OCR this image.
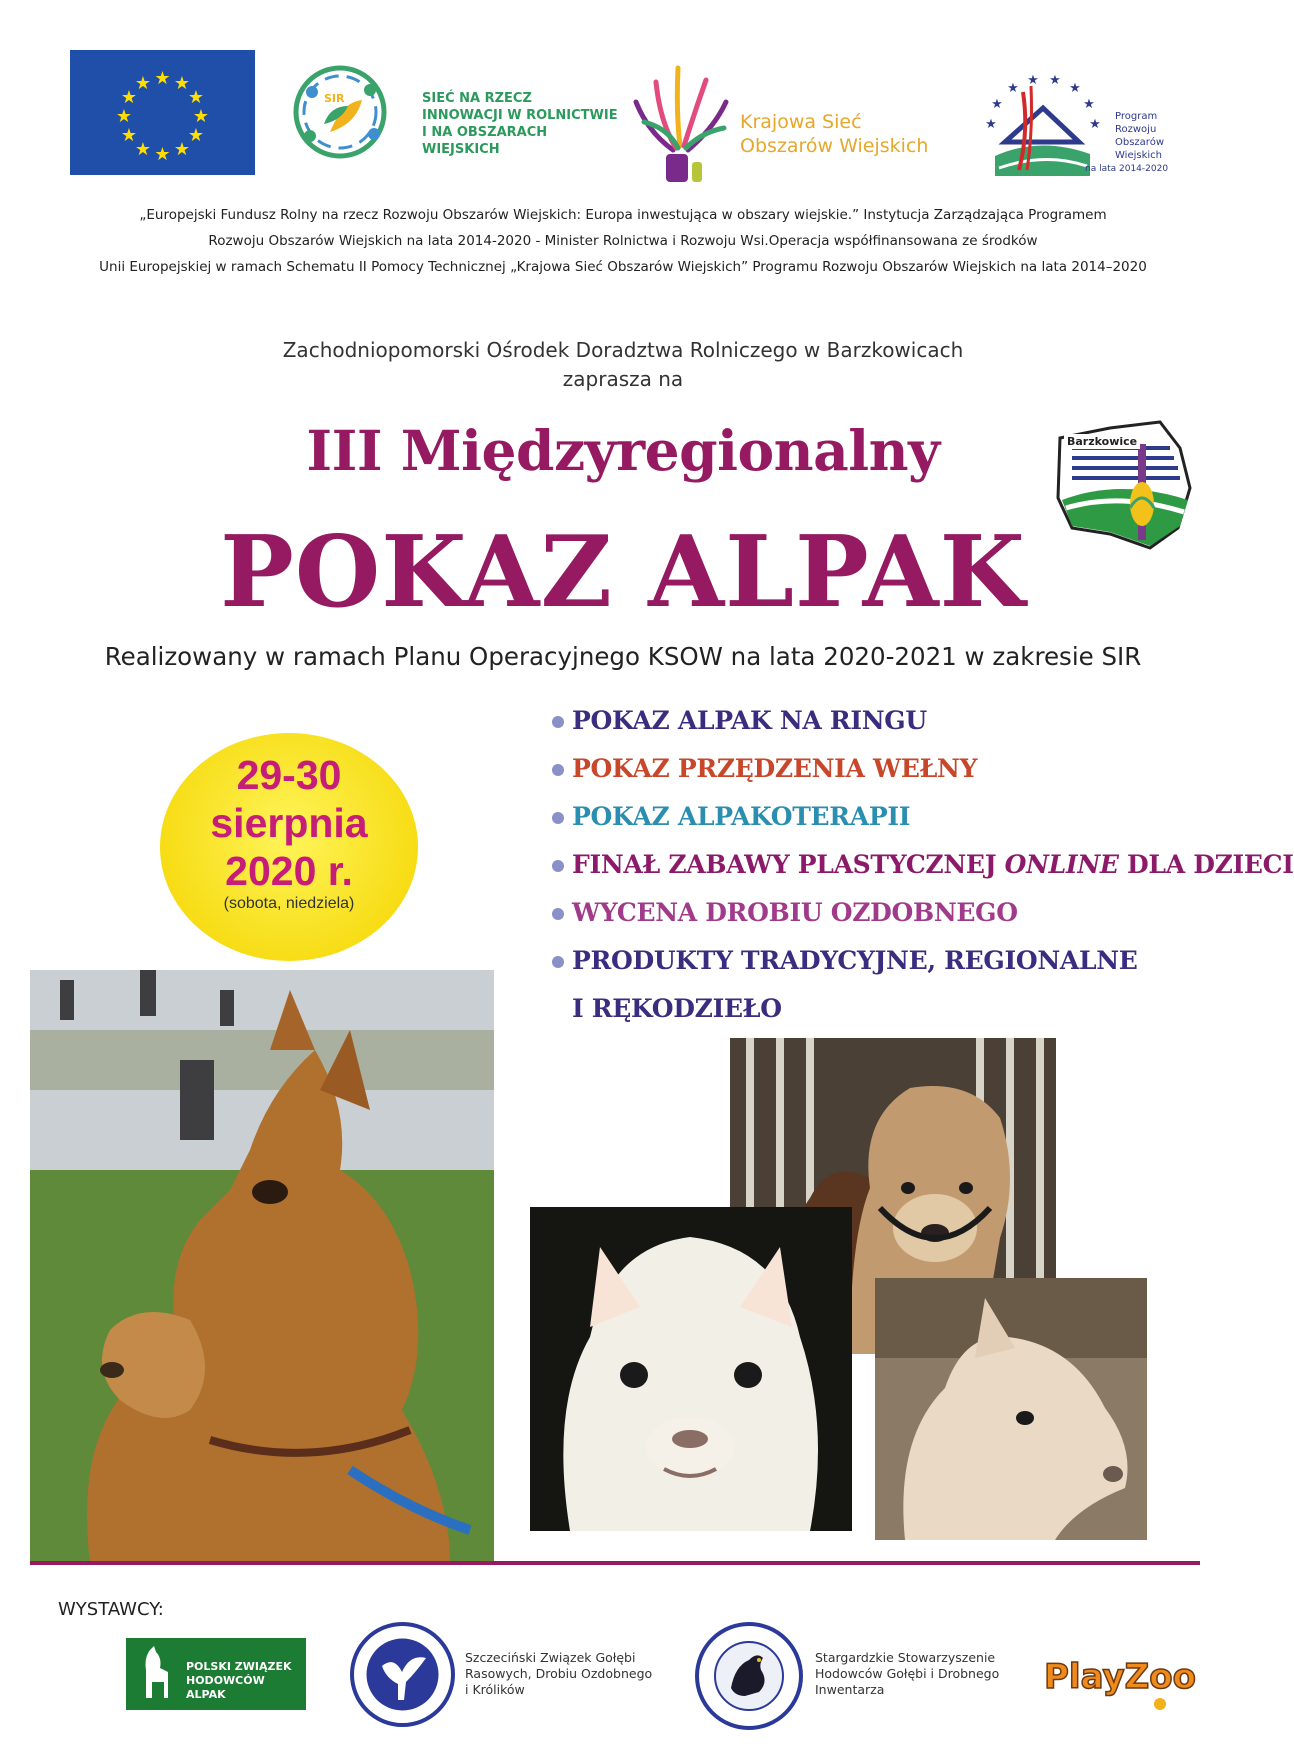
★ ★
★
★
★
★
★
★
★
★
★
★
SIR	SIEĆ NA RZECZ
INNOWACJI W ROLNICTWIE
I NA OBSZARACH WIEJSKICH
Krajowa Sieć
Obszarów Wiejskich
★
★
★
★ ★
★
★
★
Program
Rozwoju
Obszarów
Wiejskich
na lata 2014-2020
„Europejski Fundusz Rolny na rzecz Rozwoju Obszarów Wiejskich: Europa inwestująca w obszary wiejskie.” Instytucja Zarządzająca Programem
Rozwoju Obszarów Wiejskich na lata 2014-2020 - Minister Rolnictwa i Rozwoju Wsi.Operacja współfinansowana ze środków
Unii Europejskiej w ramach Schematu II Pomocy Technicznej „Krajowa Sieć Obszarów Wiejskich” Programu Rozwoju Obszarów Wiejskich na lata 2014–2020
Zachodniopomorski Ośrodek Doradztwa Rolniczego w Barzkowicach
zaprasza na
III Międzyregionalny
POKAZ ALPAK
Barzkowice
Realizowany w ramach Planu Operacyjnego KSOW na lata 2020-2021 w zakresie SIR
29-30
sierpnia
2020 r.
(sobota, niedziela)
POKAZ ALPAK NA RINGU
POKAZ PRZĘDZENIA WEŁNY
POKAZ ALPAKOTERAPII
FINAŁ ZABAWY PLASTYCZNEJ ONLINE DLA DZIECI
WYCENA DROBIU OZDOBNEGO
PRODUKTY TRADYCYJNE, REGIONALNE
I RĘKODZIEŁO
WYSTAWCY:
POLSKI ZWIĄZEK
HODOWCÓW ALPAK
Szczeciński Związek Gołębi
Rasowych, Drobiu Ozdobnego
i Królików
Stargardzkie Stowarzyszenie
Hodowców Gołębi i Drobnego
Inwentarza	PlayZoo
